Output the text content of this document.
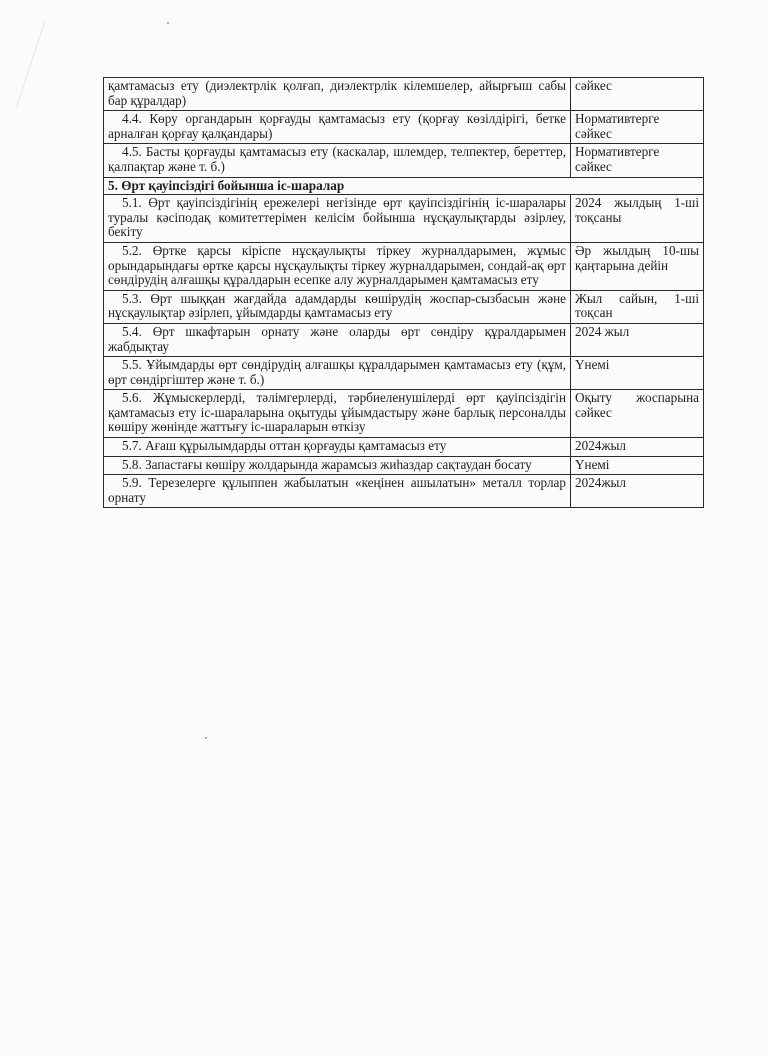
қамтамасыз ету (диэлектрлік қолғап, диэлектрлік кілемшелер, айырғыш сабы бар құралдар)	сәйкес
4.4. Көру органдарын қорғауды қамтамасыз ету (қорғау көзілдірігі, бетке арналған қорғау қалқандары)	Нормативтерге сәйкес
4.5. Басты қорғауды қамтамасыз ету (каскалар, шлемдер, телпектер, береттер, қалпақтар және т. б.)	Нормативтерге сәйкес
5. Өрт қауіпсіздігі бойынша іс-шаралар	
5.1. Өрт қауіпсіздігінің ережелері негізінде өрт қауіпсіздігінің іс-шаралары туралы кәсіподақ комитеттерімен келісім бойынша нұсқаулықтарды әзірлеу, бекіту	2024 жылдың 1-ші тоқсаны
5.2. Өртке қарсы кіріспе нұсқаулықты тіркеу журналдарымен, жұмыс орындарындағы өртке қарсы нұсқаулықты тіркеу журналдарымен, сондай-ақ өрт сөндірудің алғашқы құралдарын есепке алу журналдарымен қамтамасыз ету	Әр жылдың 10-шы қаңтарына дейін
5.3. Өрт шыққан жағдайда адамдарды көшірудің жоспар-сызбасын және нұсқаулықтар әзірлеп, ұйымдарды қамтамасыз ету	Жыл сайын, 1-ші тоқсан
5.4. Өрт шкафтарын орнату және оларды өрт сөндіру құралдарымен жабдықтау	2024 жыл
5.5. Ұйымдарды өрт сөндірудің алғашқы құралдарымен қамтамасыз ету (құм, өрт сөндіргіштер және т. б.)	Үнемі
5.6. Жұмыскерлерді, тәлімгерлерді, тәрбиеленушілерді өрт қауіпсіздігін қамтамасыз ету іс-шараларына оқытуды ұйымдастыру және барлық персоналды көшіру жөнінде жаттығу іс-шараларын өткізу	Оқыту жоспарына сәйкес
5.7. Ағаш құрылымдарды оттан қорғауды қамтамасыз ету	2024жыл
5.8. Запастағы көшіру жолдарында жарамсыз жиһаздар сақтаудан босату	Үнемі
5.9. Терезелерге құлыппен жабылатын «кеңінен ашылатын» металл торлар орнату	2024жыл
